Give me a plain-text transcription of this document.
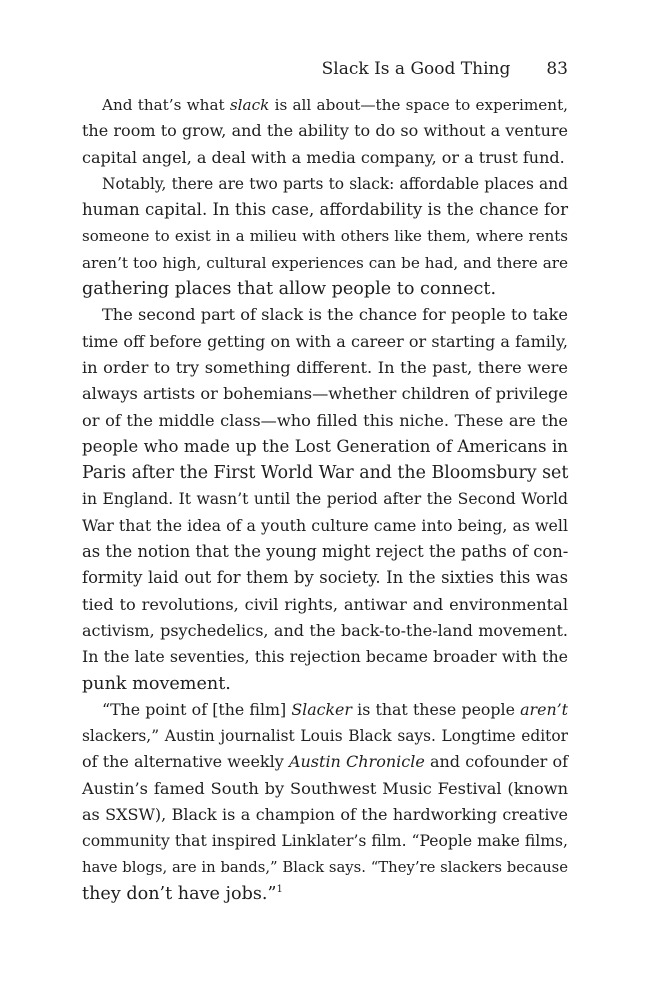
Slack Is a Good Thing 83
And that’s what slack is all about—the space to experiment,
the room to grow, and the ability to do so without a venture
capital angel, a deal with a media company, or a trust fund.
Notably, there are two parts to slack: affordable places and
human capital. In this case, affordability is the chance for
someone to exist in a milieu with others like them, where rents
aren’t too high, cultural experiences can be had, and there are
gathering places that allow people to connect.
The second part of slack is the chance for people to take
time off before getting on with a career or starting a family,
in order to try something different. In the past, there were
always artists or bohemians—whether children of privilege
or of the middle class—who filled this niche. These are the
people who made up the Lost Generation of Americans in
Paris after the First World War and the Bloomsbury set
in England. It wasn’t until the period after the Second World
War that the idea of a youth culture came into being, as well
as the notion that the young might reject the paths of con-
formity laid out for them by society. In the sixties this was
tied to revolutions, civil rights, antiwar and environmental
activism, psychedelics, and the back-to-the-land movement.
In the late seventies, this rejection became broader with the
punk movement.
“The point of [the film] Slacker is that these people aren’t
slackers,” Austin journalist Louis Black says. Longtime editor
of the alternative weekly Austin Chronicle and cofounder of
Austin’s famed South by Southwest Music Festival (known
as SXSW), Black is a champion of the hardworking creative
community that inspired Linklater’s film. “People make films,
have blogs, are in bands,” Black says. “They’re slackers because
they don’t have jobs.”$^1$
